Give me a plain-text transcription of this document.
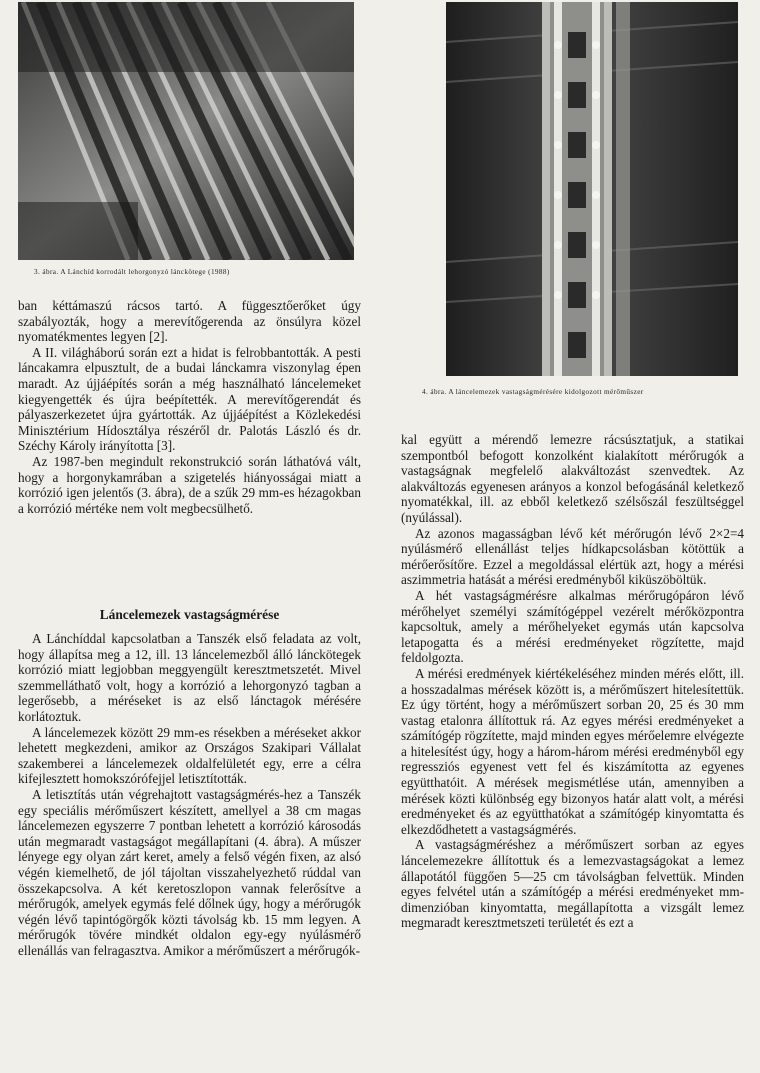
3. ábra. A Lánchíd korrodált lehorgonyzó lánckötege (1988)
4. ábra. A láncelemezek vastagságmérésére kidolgozott mérőműszer

ban kéttámaszú rácsos tartó. A függesztőerőket úgy szabályozták, hogy a merevítőgerenda az önsúlyra közel nyomatékmentes legyen [2].

A II. világháború során ezt a hidat is felrobbantották. A pesti láncakamra elpusztult, de a budai lánckamra viszonylag épen maradt. Az újjáépítés során a még használható láncelemeket kiegyengették és újra beépítették. A merevítőgerendát és pályaszerkezetet újra gyártották. Az újjáépítést a Közlekedési Minisztérium Hídosztálya részéről dr. Palotás László és dr. Széchy Károly irányította [3].

Az 1987-ben megindult rekonstrukció során láthatóvá vált, hogy a horgonykamrában a szigetelés hiányosságai miatt a korrózió igen jelentős (3. ábra), de a szűk 29 mm-es hézagokban a korrózió mértéke nem volt megbecsülhető.

Láncelemezek vastagságmérése

A Lánchíddal kapcsolatban a Tanszék első feladata az volt, hogy állapítsa meg a 12, ill. 13 láncelemezből álló lánckötegek korrózió miatt legjobban meggyengült keresztmetszetét. Mivel szemmelláthatő volt, hogy a korrózió a lehorgonyzó tagban a legerősebb, a méréseket is az első lánctagok mérésére korlátoztuk.

A láncelemezek között 29 mm-es résekben a méréseket akkor lehetett megkezdeni, amikor az Országos Szakipari Vállalat szakemberei a láncelemezek oldalfelületét egy, erre a célra kifejlesztett homokszórófejjel letisztították.

A letisztítás után végrehajtott vastagságmérés-hez a Tanszék egy speciális mérőműszert készített, amellyel a 38 cm magas láncelemezen egyszerre 7 pontban lehetett a korrózió károsodás után megmaradt vastagságot megállapítani (4. ábra). A műszer lényege egy olyan zárt keret, amely a felső végén fixen, az alsó végén kiemelhető, de jól tájoltan visszahelyezhető rúddal van összekapcsolva. A két keretoszlopon vannak felerősítve a mérőrugók, amelyek egymás felé dőlnek úgy, hogy a mérőrugók végén lévő tapintógörgők közti távolság kb. 15 mm legyen. A mérőrugók tövére mindkét oldalon egy-egy nyúlásmérő ellenállás van felragasztva. Amikor a mérőműszert a mérőrugók-

kal együtt a mérendő lemezre rácsúsztatjuk, a statikai szempontból befogott konzolként kialakított mérőrugók a vastagságnak megfelelő alakváltozást szenvedtek. Az alakváltozás egyenesen arányos a konzol befogásánál keletkező nyomatékkal, ill. az ebből keletkező szélsőszál feszültséggel (nyúlással).

Az azonos magasságban lévő két mérőrugón lévő 2×2=4 nyúlásmérő ellenállást teljes hídkapcsolásban kötöttük a mérőerősítőre. Ezzel a megoldással elértük azt, hogy a mérési aszimmetria hatását a mérési eredményből kiküszöböltük.

A hét vastagságmérésre alkalmas mérőrugópáron lévő mérőhelyet személyi számítógéppel vezérelt mérőközpontra kapcsoltuk, amely a mérőhelyeket egymás után kapcsolva letapogatta és a mérési eredményeket rögzítette, majd feldolgozta.

A mérési eredmények kiértékeléséhez minden mérés előtt, ill. a hosszadalmas mérések között is, a mérőműszert hitelesítettük. Ez úgy történt, hogy a mérőműszert sorban 20, 25 és 30 mm vastag etalonra állítottuk rá. Az egyes mérési eredményeket a számítógép rögzítette, majd minden egyes mérőelemre elvégezte a hitelesítést úgy, hogy a három-három mérési eredményből egy regressziós egyenest vett fel és kiszámította az egyenes együtthatóit. A mérések megismétlése után, amennyiben a mérések közti különbség egy bizonyos határ alatt volt, a mérési eredményeket és az együtthatókat a számítógép kinyomtatta és elkezdődhetett a vastagságmérés.

A vastagságméréshez a mérőműszert sorban az egyes láncelemezekre állítottuk és a lemezvastagságokat a lemez állapotától függően 5—25 cm távolságban felvettük. Minden egyes felvétel után a számítógép a mérési eredményeket mm-dimenzióban kinyomtatta, megállapította a vizsgált lemez megmaradt keresztmetszeti területét és ezt a
